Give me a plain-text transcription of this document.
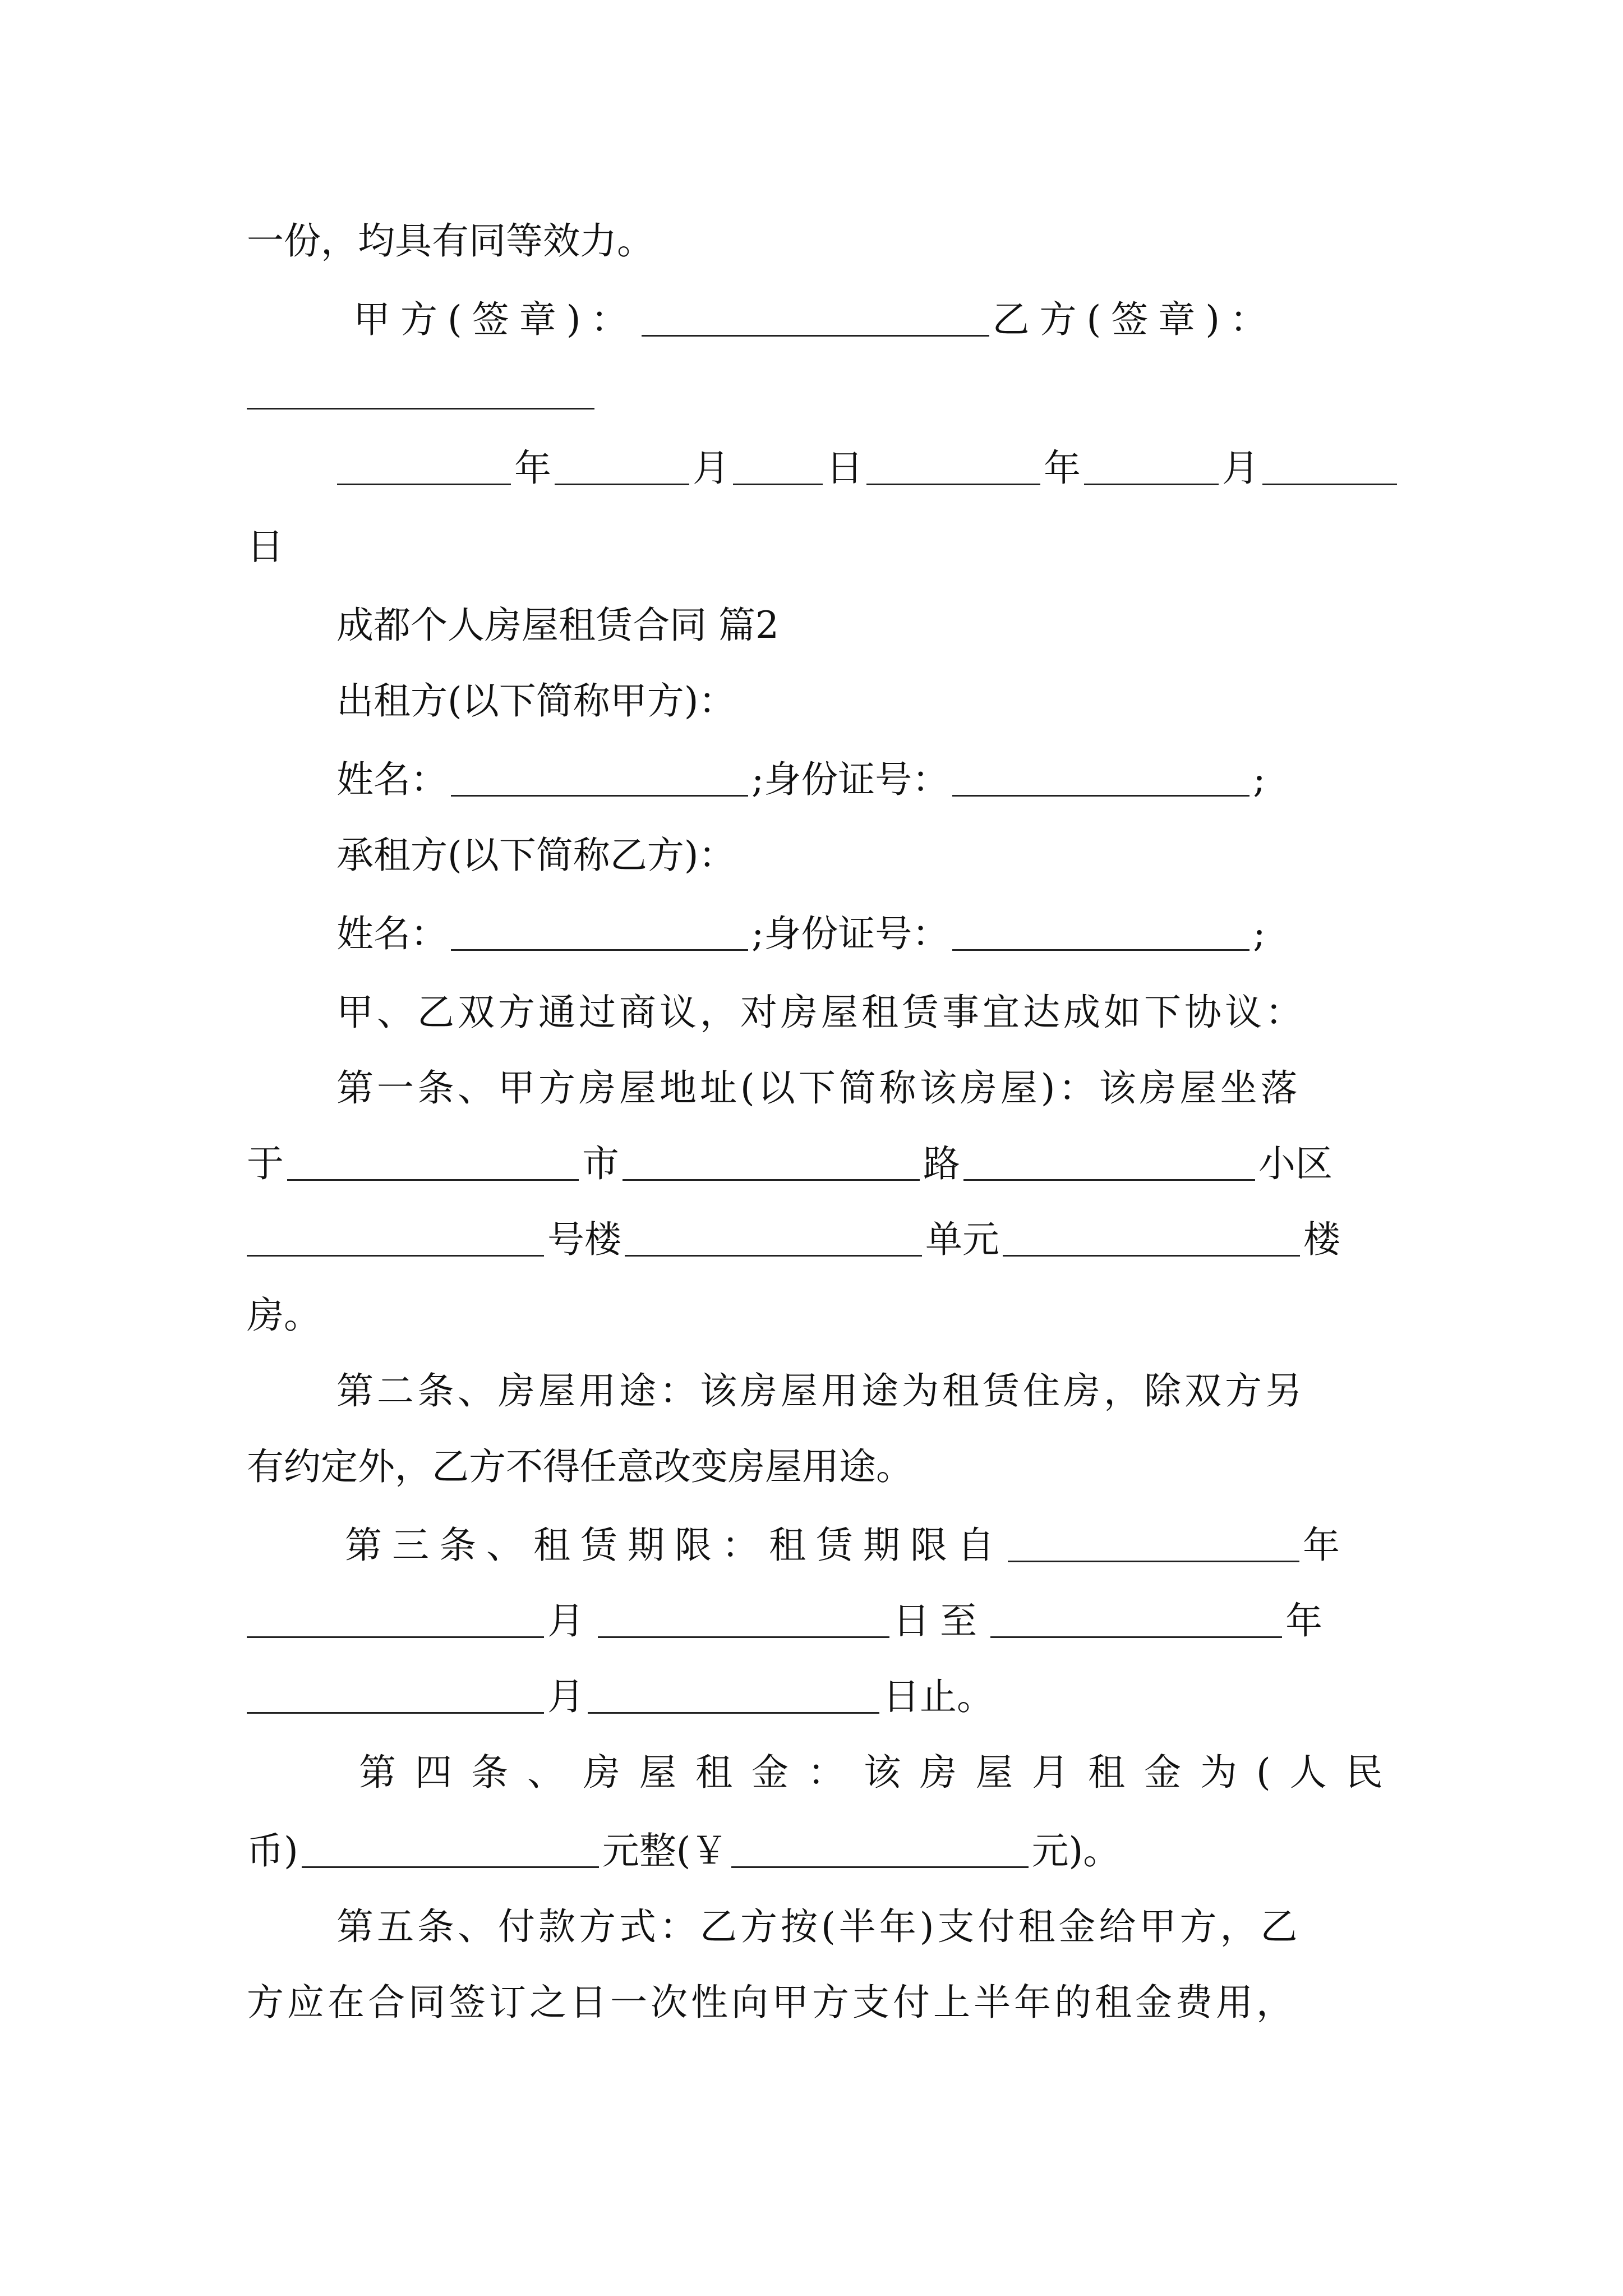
一份，均具有同等效力。
甲方(签章)：	乙方(签章)：
年	月	日	年	月
日
成都个人房屋租赁合同 篇2
出租方(以下简称甲方)：
姓名：	;身份证号：	;
承租方(以下简称乙方)：
姓名：	;身份证号：	;
甲、乙双方通过商议，对房屋租赁事宜达成如下协议：
第一条、甲方房屋地址(以下简称该房屋)：该房屋坐落
于	市	路	小区
号楼	单元	楼
房。
第二条、房屋用途：该房屋用途为租赁住房，除双方另
有约定外，乙方不得任意改变房屋用途。
第三条、租赁期限：租赁期限自	年
月	日至	年
月	日止。
第四条、房屋租金：该房屋月租金为(人民
币)	元整(￥	元)。
第五条、付款方式：乙方按(半年)支付租金给甲方，乙
方应在合同签订之日一次性向甲方支付上半年的租金费用，
